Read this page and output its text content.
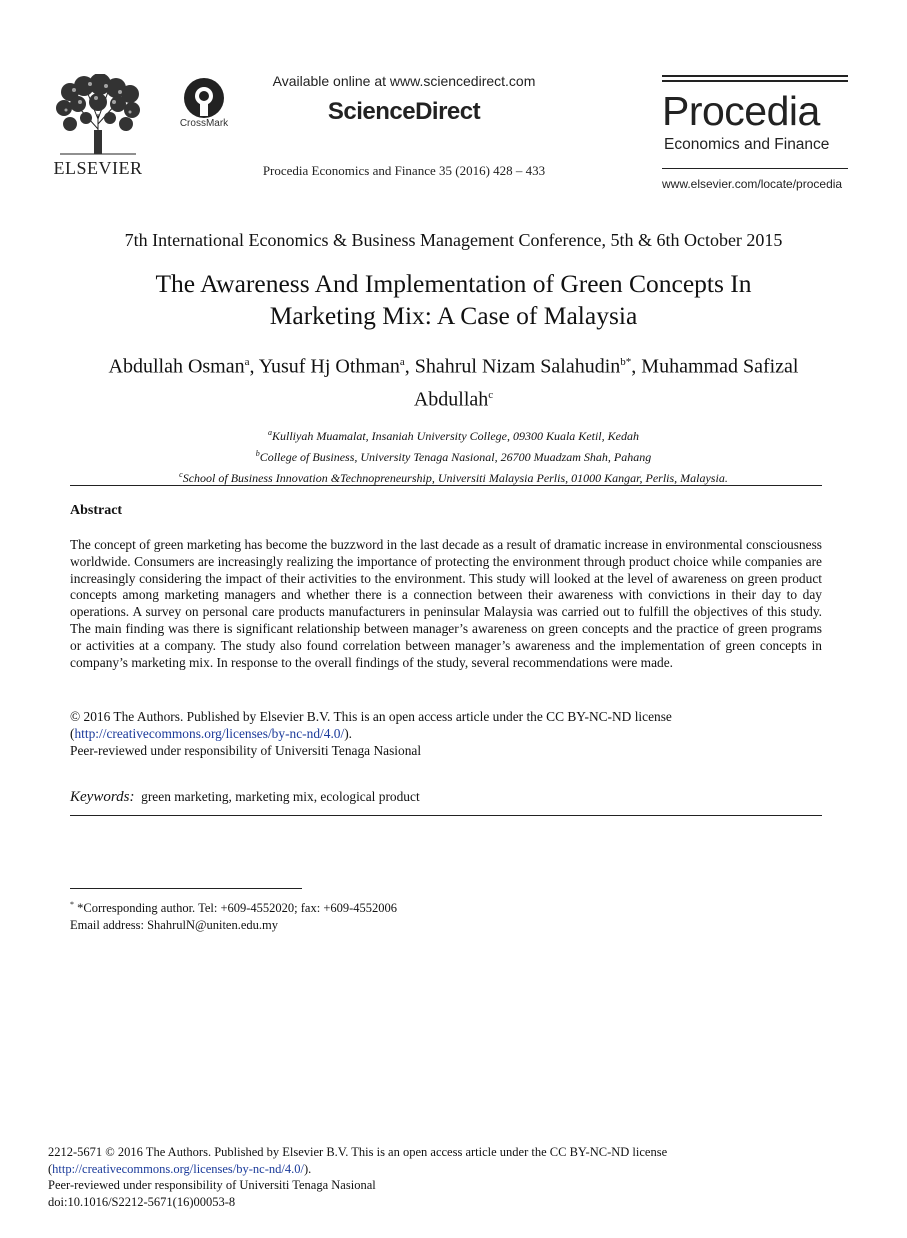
ELSEVIER
CrossMark
Available online at www.sciencedirect.com
ScienceDirect
Procedia Economics and Finance 35 (2016) 428 – 433
Procedia
Economics and Finance
www.elsevier.com/locate/procedia
7th International Economics & Business Management Conference, 5th & 6th October 2015
The Awareness And Implementation of Green Concepts In
Marketing Mix: A Case of Malaysia
Abdullah Osman$^a$, Yusuf Hj Othman$^a$, Shahrul Nizam Salahudin$^{b*}$, Muhammad Safizal
Abdullah$^c$
$^a$Kulliyah Muamalat, Insaniah University College, 09300 Kuala Ketil, Kedah
$^b$College of Business, University Tenaga Nasional, 26700 Muadzam Shah, Pahang
$^c$School of Business Innovation &Technopreneurship, Universiti Malaysia Perlis, 01000 Kangar, Perlis, Malaysia.
Abstract
The concept of green marketing has become the buzzword in the last decade as a result of dramatic increase in environmental consciousness worldwide. Consumers are increasingly realizing the importance of protecting the environment through product choice while companies are increasingly considering the impact of their activities to the environment. This study will looked at the level of awareness on green product concepts among marketing managers and whether there is a connection between their awareness with convictions in their day to day operations. A survey on personal care products manufacturers in peninsular Malaysia was carried out to fulfill the objectives of this study. The main finding was there is significant relationship between manager’s awareness on green concepts and the practice of green programs or activities at a company. The study also found correlation between manager’s awareness and the implementation of green concepts in company’s marketing mix. In response to the overall findings of the study, several recommendations were made.
© 2016 The Authors. Published by Elsevier B.V. This is an open access article under the CC BY-NC-ND license
(http://creativecommons.org/licenses/by-nc-nd/4.0/).
Peer-reviewed under responsibility of Universiti Tenaga Nasional
Keywords: green marketing, marketing mix, ecological product
* *Corresponding author. Tel: +609-4552020; fax: +609-4552006
Email address: ShahrulN@uniten.edu.my
2212-5671 © 2016 The Authors. Published by Elsevier B.V. This is an open access article under the CC BY-NC-ND license
(http://creativecommons.org/licenses/by-nc-nd/4.0/).
Peer-reviewed under responsibility of Universiti Tenaga Nasional
doi:10.1016/S2212-5671(16)00053-8
